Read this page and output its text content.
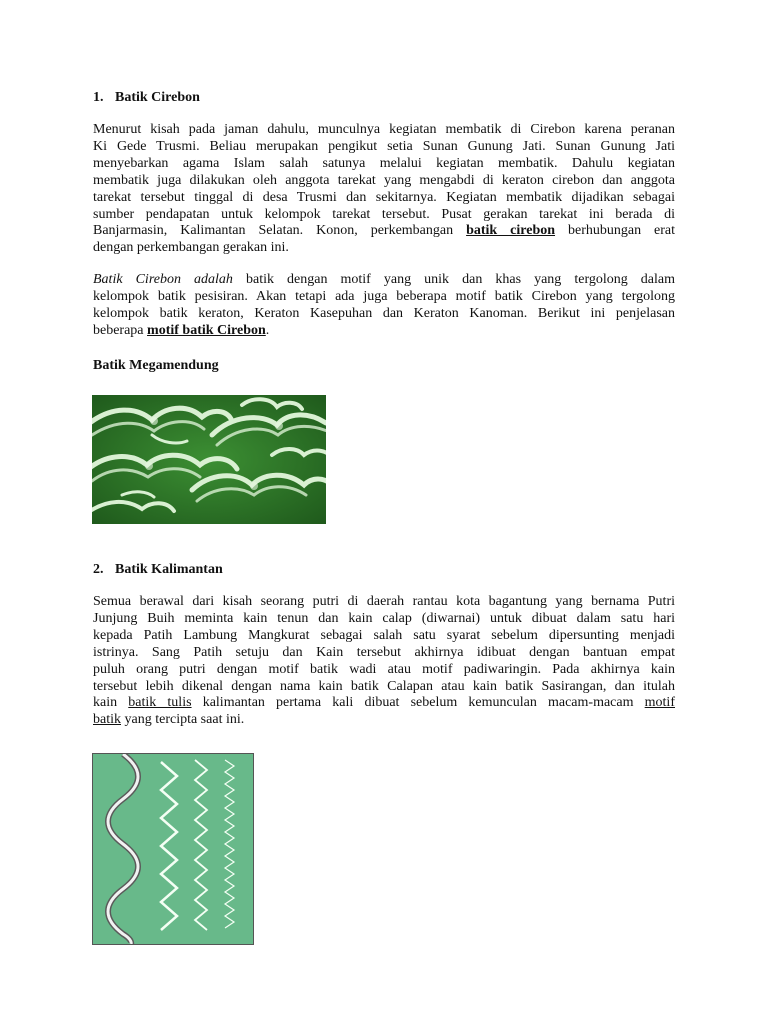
1. Batik Cirebon

Menurut kisah pada jaman dahulu, munculnya kegiatan membatik di Cirebon karena peranan
Ki Gede Trusmi. Beliau merupakan pengikut setia Sunan Gunung Jati. Sunan Gunung Jati
menyebarkan agama Islam salah satunya melalui kegiatan membatik. Dahulu kegiatan
membatik juga dilakukan oleh anggota tarekat yang mengabdi di keraton cirebon dan anggota
tarekat tersebut tinggal di desa Trusmi dan sekitarnya. Kegiatan membatik dijadikan sebagai
sumber pendapatan untuk kelompok tarekat tersebut. Pusat gerakan tarekat ini berada di
Banjarmasin, Kalimantan Selatan. Konon, perkembangan batik cirebon berhubungan erat
dengan perkembangan gerakan ini.

Batik Cirebon adalah batik dengan motif yang unik dan khas yang tergolong dalam
kelompok batik pesisiran. Akan tetapi ada juga beberapa motif batik Cirebon yang tergolong
kelompok batik keraton, Keraton Kasepuhan dan Keraton Kanoman. Berikut ini penjelasan
beberapa motif batik Cirebon.

Batik Megamendung
2. Batik Kalimantan

Semua berawal dari kisah seorang putri di daerah rantau kota bagantung yang bernama Putri
Junjung Buih meminta kain tenun dan kain calap (diwarnai) untuk dibuat dalam satu hari
kepada Patih Lambung Mangkurat sebagai salah satu syarat sebelum dipersunting menjadi
istrinya. Sang Patih setuju dan Kain tersebut akhirnya idibuat dengan bantuan empat
puluh orang putri dengan motif batik wadi atau motif padiwaringin. Pada akhirnya kain
tersebut lebih dikenal dengan nama kain batik Calapan atau kain batik Sasirangan, dan itulah
kain batik tulis kalimantan pertama kali dibuat sebelum kemunculan macam-macam motif
batik yang tercipta saat ini.
